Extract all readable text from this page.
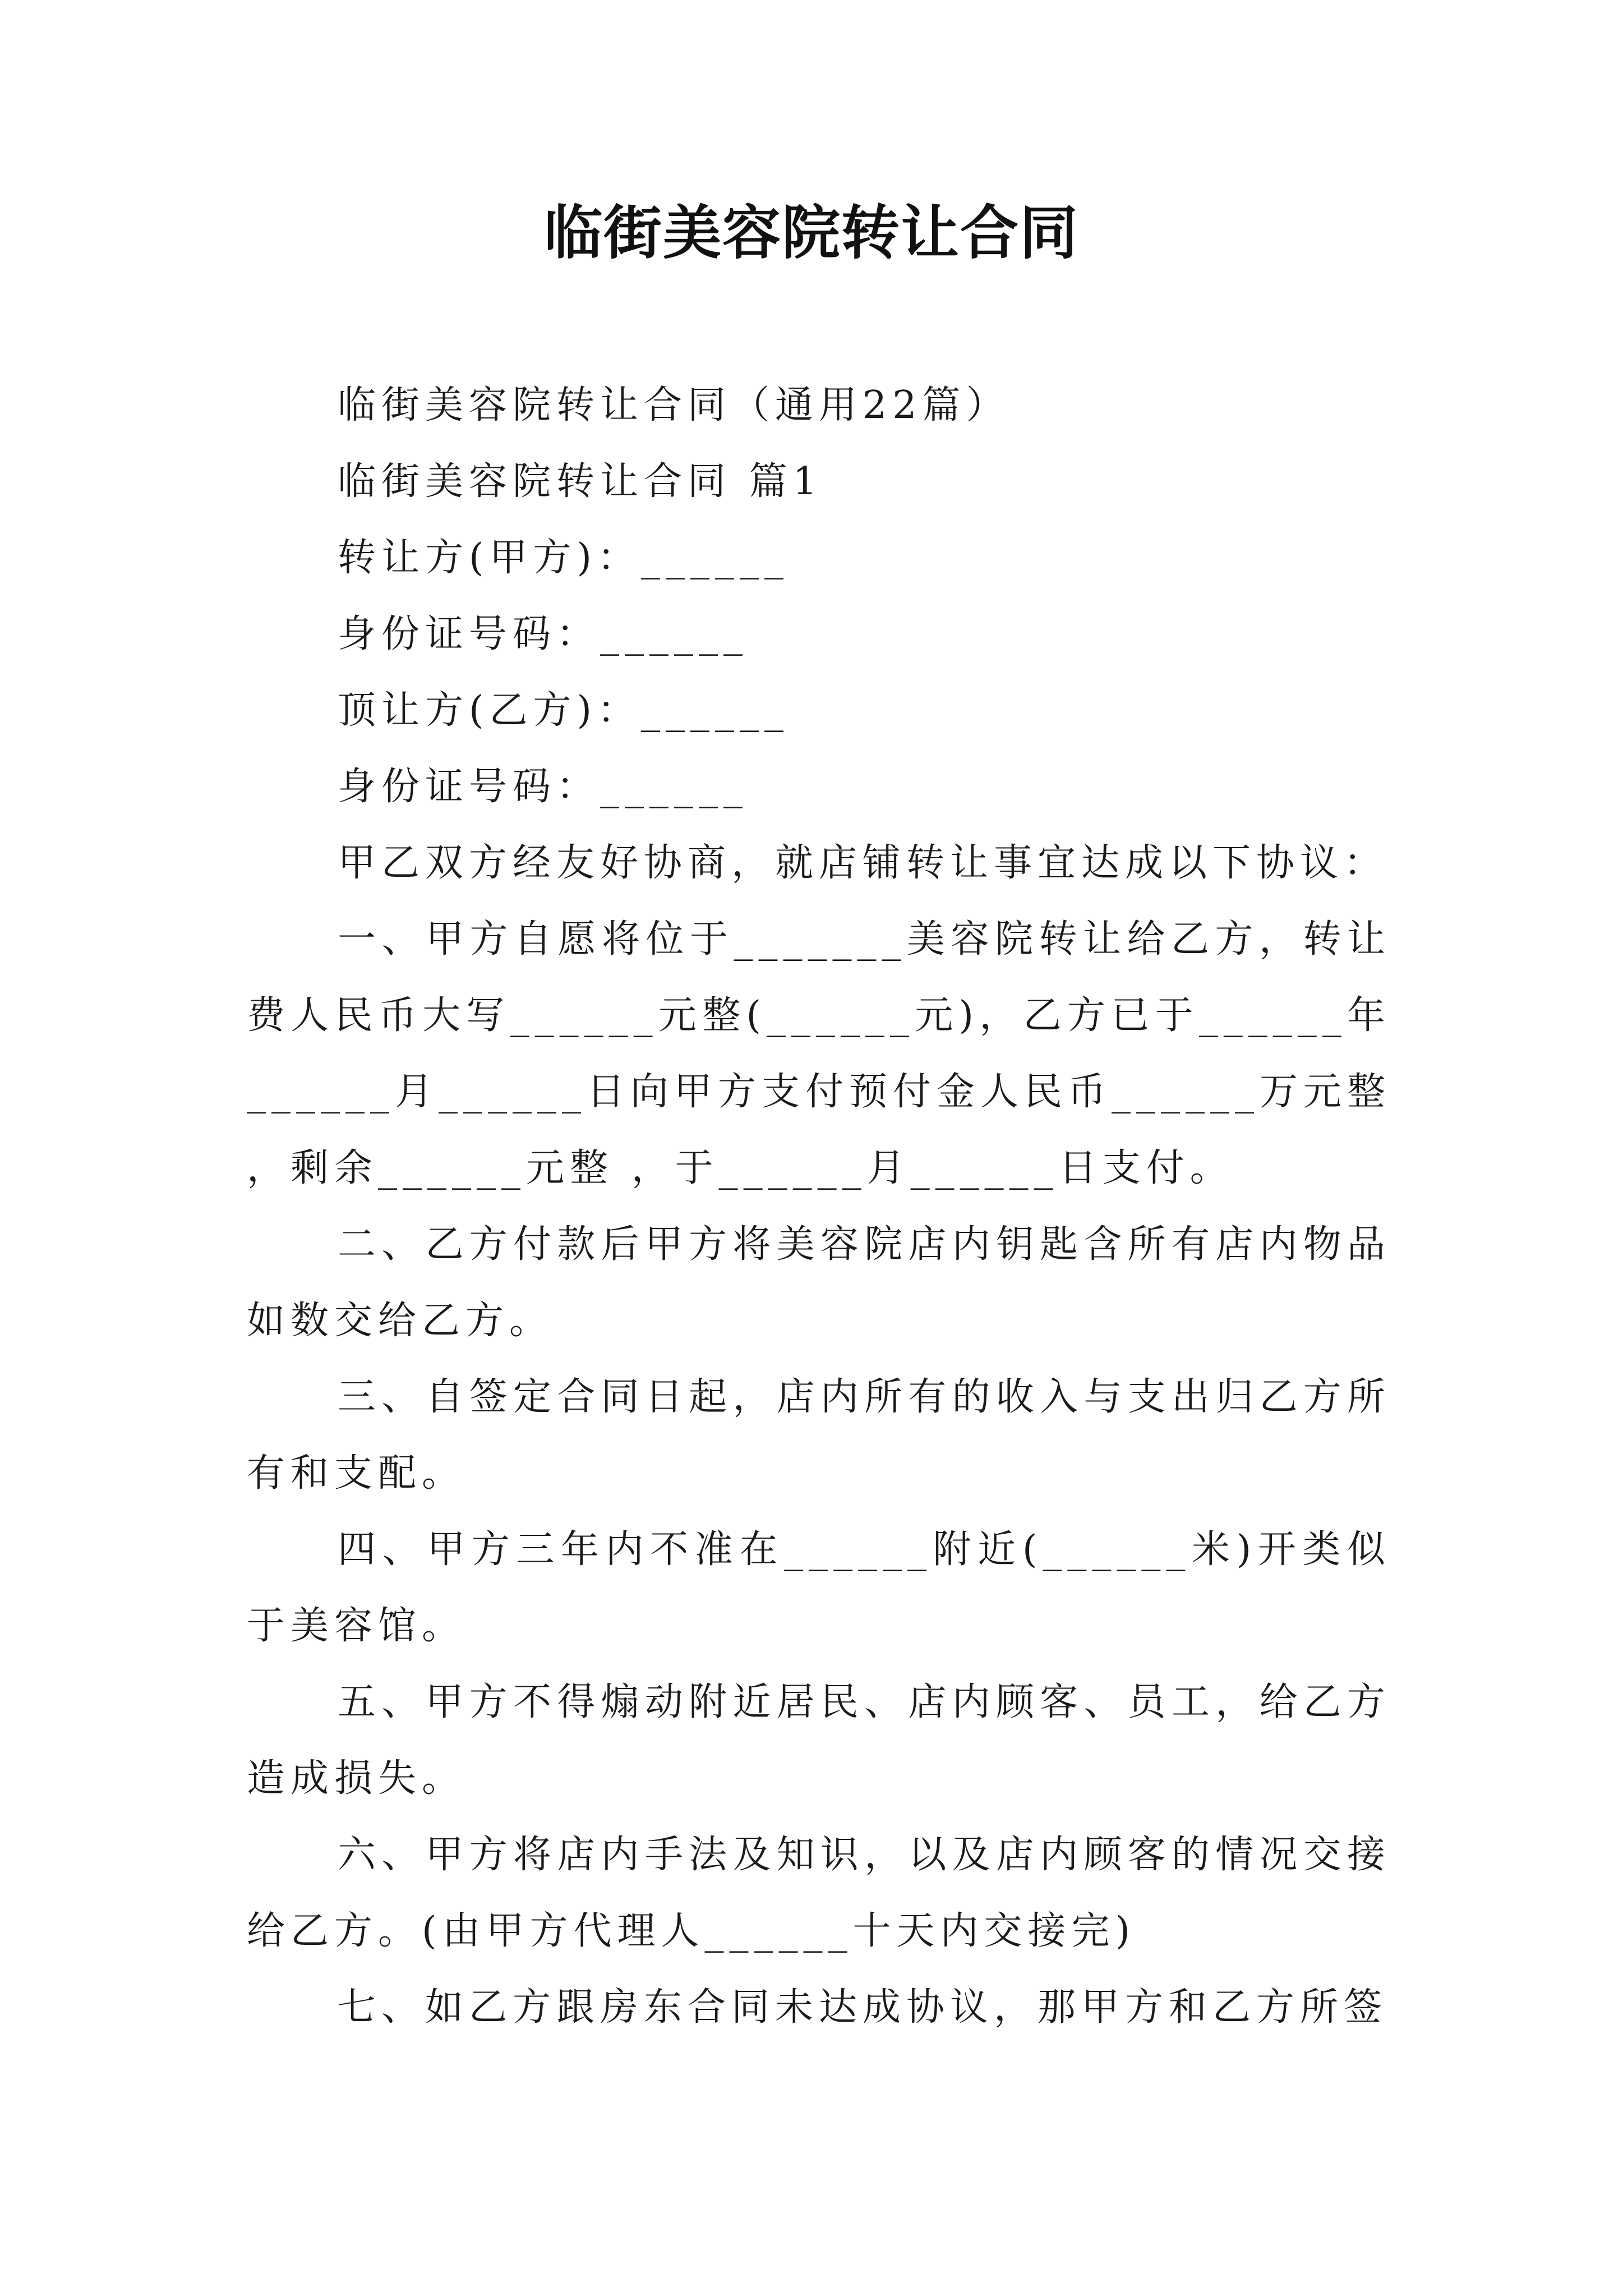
临街美容院转让合同
临街美容院转让合同（通用22篇）
临街美容院转让合同 篇1
转让方(甲方)：______
身份证号码：______
顶让方(乙方)：______
身份证号码：______
甲乙双方经友好协商，就店铺转让事宜达成以下协议：

一、甲方自愿将位于_______美容院转让给乙方，转让费人民币大写______元整(______元)，乙方已于______年______月______日向甲方支付预付金人民币______万元整 ，剩余______元整 ，于______月______日支付。

二、乙方付款后甲方将美容院店内钥匙含所有店内物品如数交给乙方。

三、自签定合同日起，店内所有的收入与支出归乙方所有和支配。

四、甲方三年内不准在______附近(______米)开类似于美容馆。

五、甲方不得煽动附近居民、店内顾客、员工，给乙方造成损失。

六、甲方将店内手法及知识，以及店内顾客的情况交接给乙方。(由甲方代理人______十天内交接完)

七、如乙方跟房东合同未达成协议，那甲方和乙方所签
